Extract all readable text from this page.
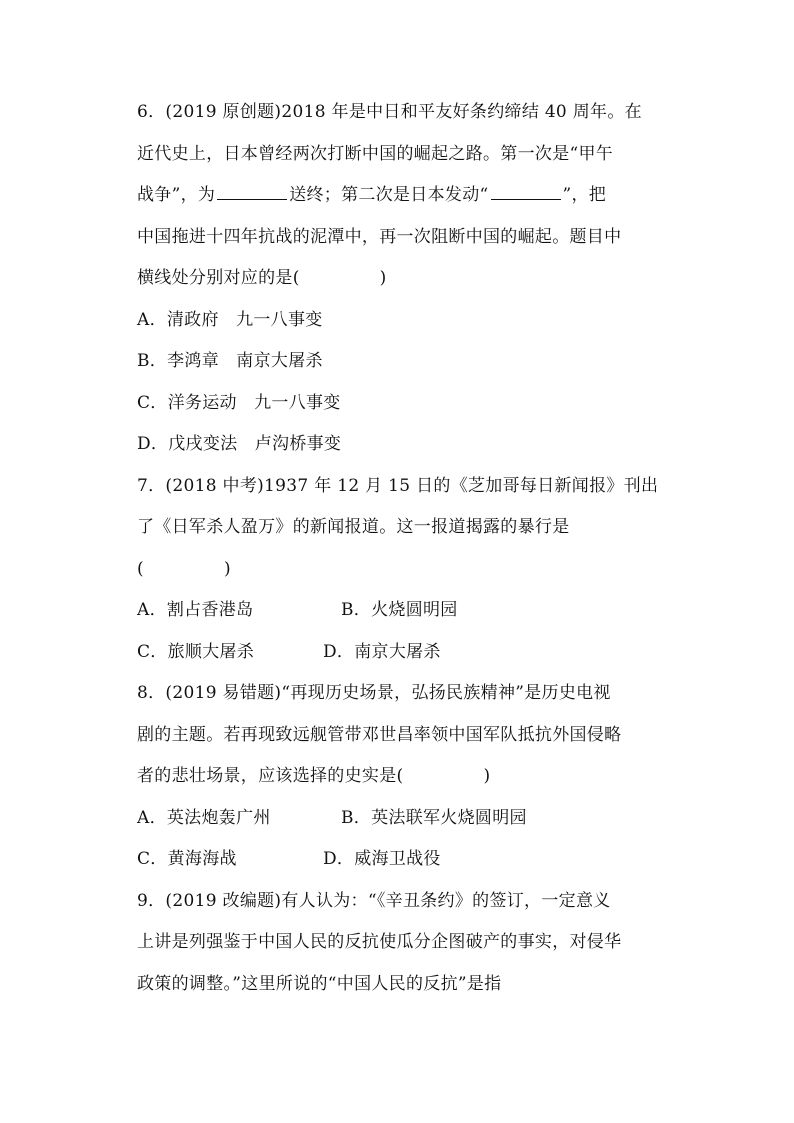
6．(2019 原创题)2018 年是中日和平友好条约缔结 40 周年。在
近代史上，日本曾经两次打断中国的崛起之路。第一次是“甲午
战争”，为	送终；第二次是日本发动“	”，把
中国拖进十四年抗战的泥潭中，再一次阻断中国的崛起。题目中
横线处分别对应的是(	)
A．清政府　九一八事变
B．李鸿章　南京大屠杀
C．洋务运动　九一八事变
D．戊戌变法　卢沟桥事变
7．(2018 中考)1937 年 12 月 15 日的《芝加哥每日新闻报》刊出
了《日军杀人盈万》的新闻报道。这一报道揭露的暴行是
(	)
A．割占香港岛	B．火烧圆明园
C．旅顺大屠杀	D．南京大屠杀
8．(2019 易错题)“再现历史场景，弘扬民族精神”是历史电视
剧的主题。若再现致远舰管带邓世昌率领中国军队抵抗外国侵略
者的悲壮场景，应该选择的史实是(	)
A．英法炮轰广州	B．英法联军火烧圆明园
C．黄海海战	D．威海卫战役
9．(2019 改编题)有人认为：“《辛丑条约》的签订，一定意义
上讲是列强鉴于中国人民的反抗使瓜分企图破产的事实，对侵华
政策的调整。”这里所说的“中国人民的反抗”是指
